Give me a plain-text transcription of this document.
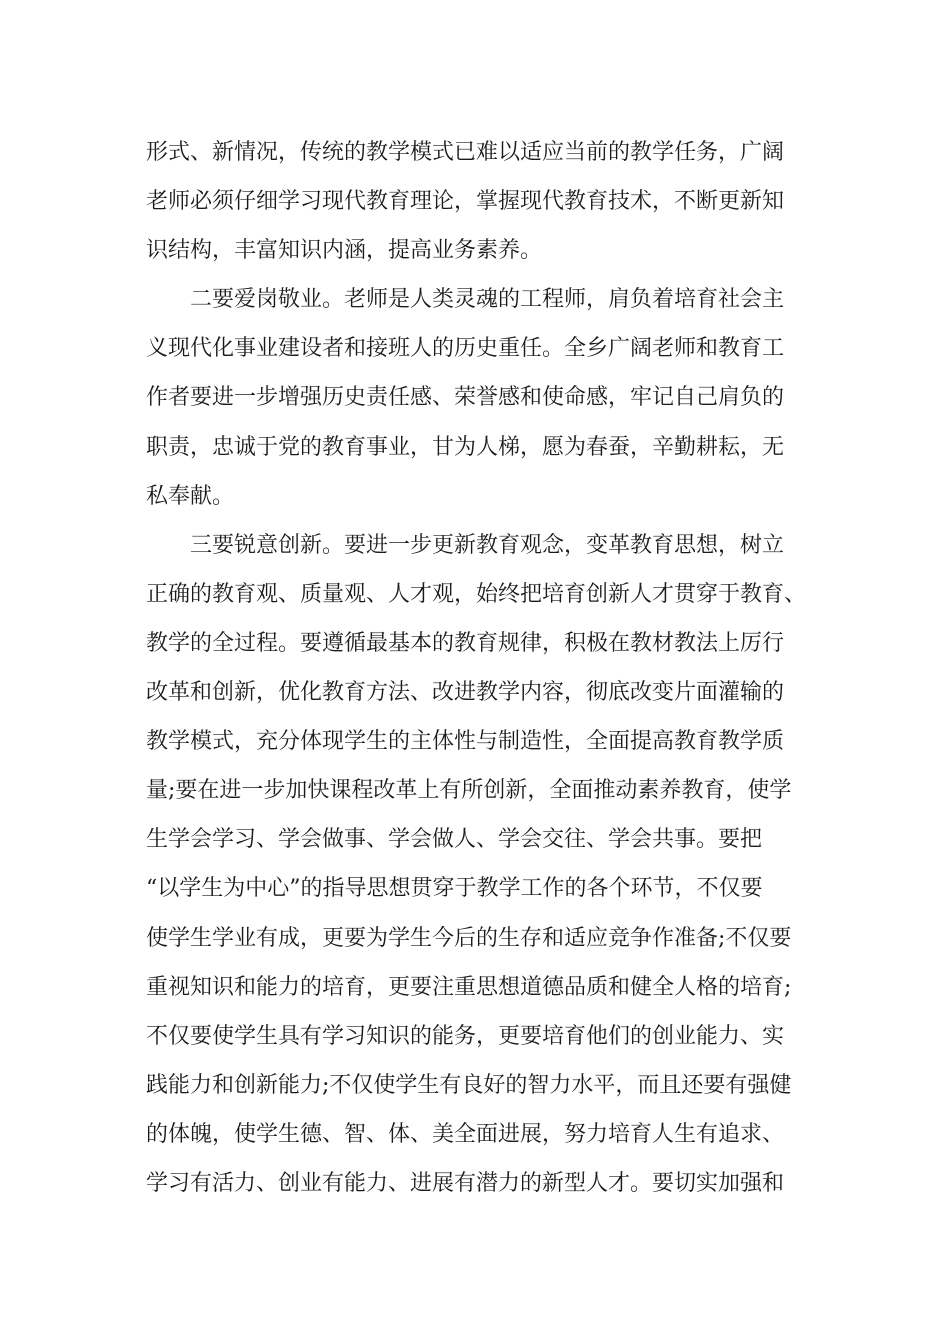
形式、新情况，传统的教学模式已难以适应当前的教学任务，广阔
老师必须仔细学习现代教育理论，掌握现代教育技术，不断更新知
识结构，丰富知识内涵，提高业务素养。
　　二要爱岗敬业。老师是人类灵魂的工程师，肩负着培育社会主
义现代化事业建设者和接班人的历史重任。全乡广阔老师和教育工
作者要进一步增强历史责任感、荣誉感和使命感，牢记自己肩负的
职责，忠诚于党的教育事业，甘为人梯，愿为春蚕，辛勤耕耘，无
私奉献。
　　三要锐意创新。要进一步更新教育观念，变革教育思想，树立
正确的教育观、质量观、人才观，始终把培育创新人才贯穿于教育、
教学的全过程。要遵循最基本的教育规律，积极在教材教法上厉行
改革和创新，优化教育方法、改进教学内容，彻底改变片面灌输的
教学模式，充分体现学生的主体性与制造性，全面提高教育教学质
量;要在进一步加快课程改革上有所创新，全面推动素养教育，使学
生学会学习、学会做事、学会做人、学会交往、学会共事。要把
“以学生为中心”的指导思想贯穿于教学工作的各个环节，不仅要
使学生学业有成，更要为学生今后的生存和适应竞争作准备;不仅要
重视知识和能力的培育，更要注重思想道德品质和健全人格的培育;
不仅要使学生具有学习知识的能务，更要培育他们的创业能力、实
践能力和创新能力;不仅使学生有良好的智力水平，而且还要有强健
的体魄，使学生德、智、体、美全面进展，努力培育人生有追求、
学习有活力、创业有能力、进展有潜力的新型人才。要切实加强和
